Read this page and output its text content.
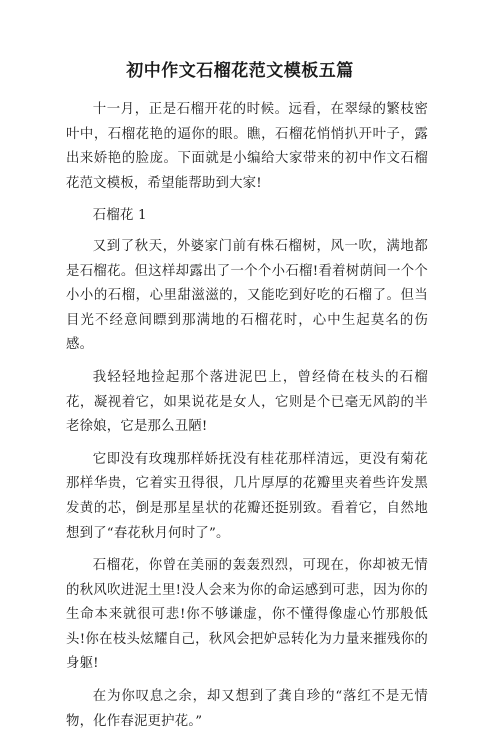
初中作文石榴花范文模板五篇

十一月，正是石榴开花的时候。远看，在翠绿的繁枝密叶中，石榴花艳的逼你的眼。瞧，石榴花悄悄扒开叶子，露出来娇艳的脸庞。下面就是小编给大家带来的初中作文石榴花范文模板，希望能帮助到大家!

石榴花 1

又到了秋天，外婆家门前有株石榴树，风一吹，满地都是石榴花。但这样却露出了一个个小石榴!看着树荫间一个个小小的石榴，心里甜滋滋的，又能吃到好吃的石榴了。但当目光不经意间瞟到那满地的石榴花时，心中生起莫名的伤感。

我轻轻地捡起那个落进泥巴上，曾经倚在枝头的石榴花，凝视着它，如果说花是女人，它则是个已毫无风韵的半老徐娘，它是那么丑陋!

它即没有玫瑰那样娇抚没有桂花那样清远，更没有菊花那样华贵，它着实丑得很，几片厚厚的花瓣里夹着些许发黑发黄的芯，倒是那星星状的花瓣还挺别致。看着它，自然地想到了“春花秋月何时了”。

石榴花，你曾在美丽的轰轰烈烈，可现在，你却被无情的秋风吹进泥土里!没人会来为你的命运感到可悲，因为你的生命本来就很可悲!你不够谦虚，你不懂得像虚心竹那般低头!你在枝头炫耀自己，秋风会把妒忌转化为力量来摧残你的身躯!

在为你叹息之余，却又想到了龚自珍的“落红不是无情物，化作春泥更护花。”
